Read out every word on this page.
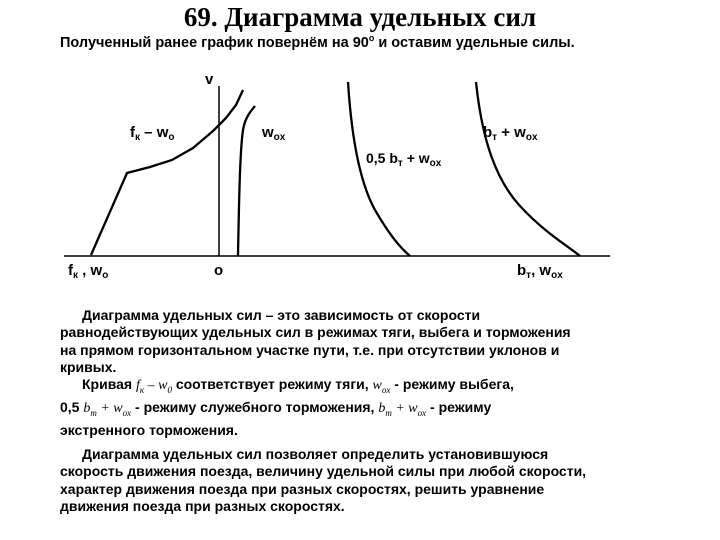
69. Диаграмма удельных сил
Полученный ранее график повернём на $90^о$ и оставим удельные силы.
v
o
$f_к$ , $w_o$	$b_т$, $w_{ox}$
$f_к - w_o$	$w_{ox}$
0,5 $b_т + w_{ox}$
$b_т + w_{ox}$
Диаграмма удельных сил – это зависимость от скорости
равнодействующих удельных сил в режимах тяги, выбега и торможения
на прямом горизонтальном участке пути, т.е. при отсутствии уклонов и
кривых.
Кривая $f_к - w_0$ соответствует режиму тяги, $w_{ox}$ - режиму выбега,
0,5 $b_т + w_{ox}$ - режиму служебного торможения, $b_т + w_{ox}$ - режиму
экстренного торможения.
Диаграмма удельных сил позволяет определить установившуюся
скорость движения поезда, величину удельной силы при любой скорости,
характер движения поезда при разных скоростях, решить уравнение
движения поезда при разных скоростях.
